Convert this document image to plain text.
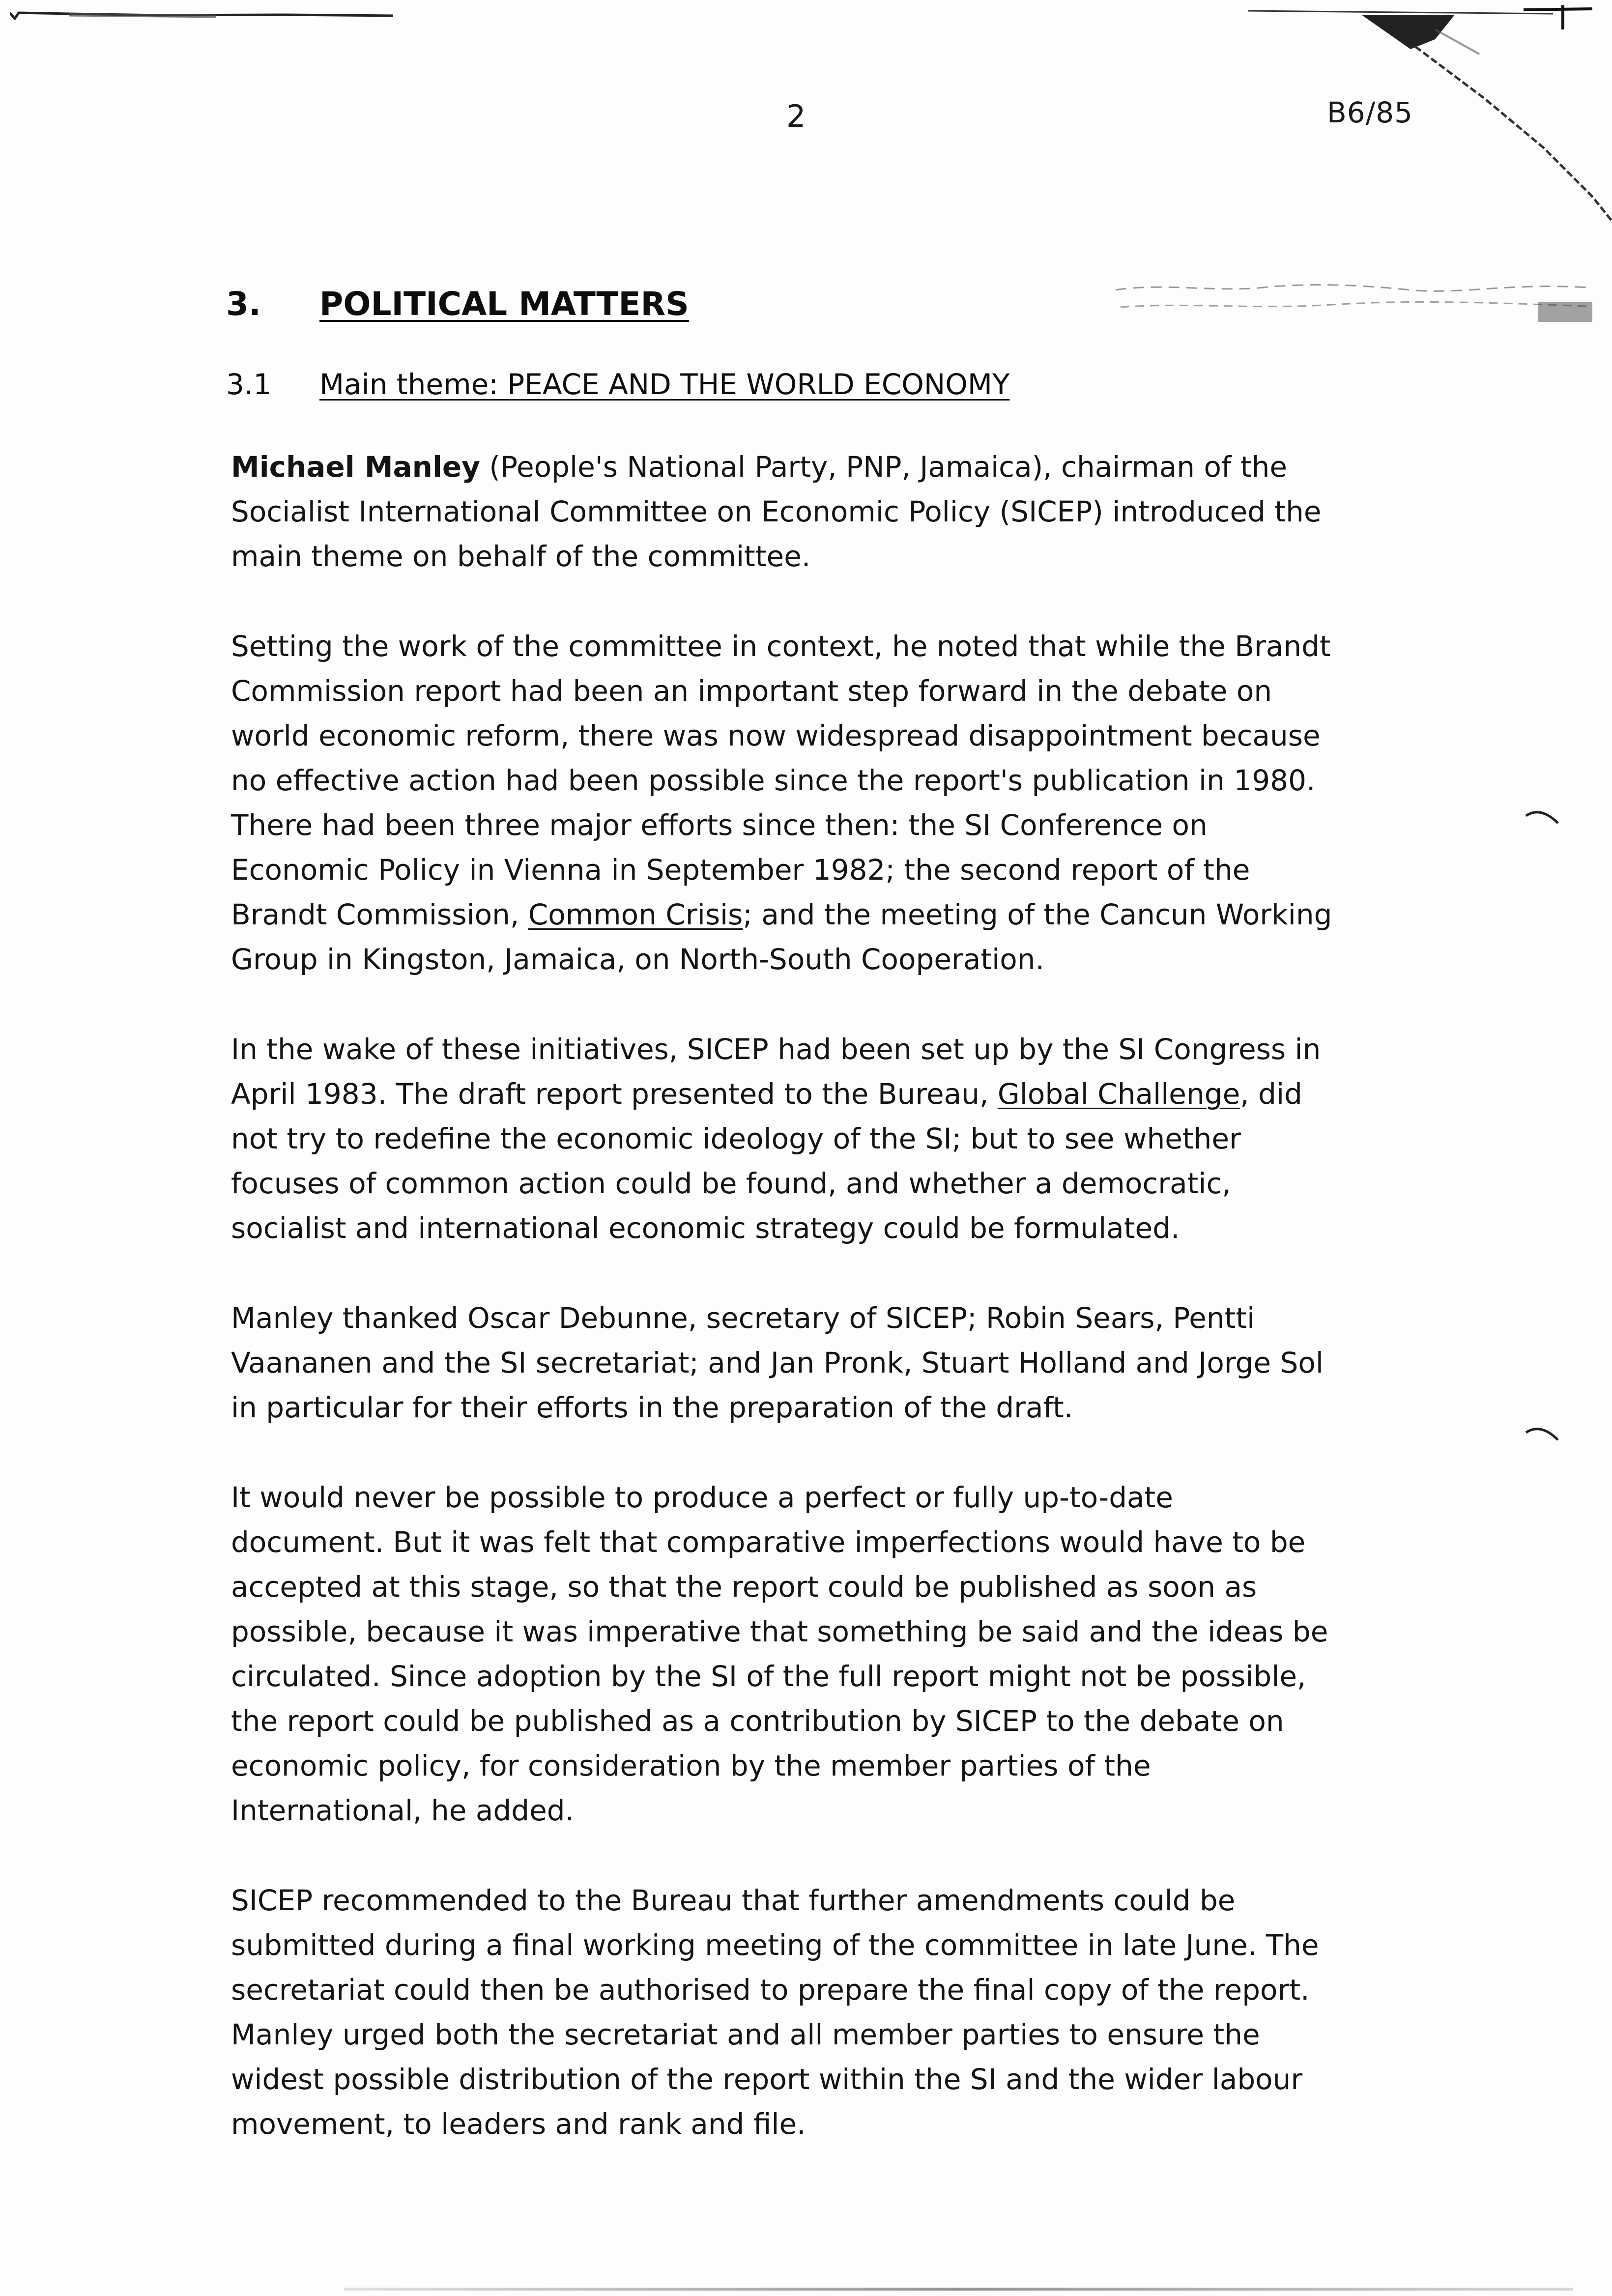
2	B6/85
3. POLITICAL MATTERS
3.1 Main theme: PEACE AND THE WORLD ECONOMY
Michael Manley (People's National Party, PNP, Jamaica), chairman of the
Socialist International Committee on Economic Policy (SICEP) introduced the
main theme on behalf of the committee.
Setting the work of the committee in context, he noted that while the Brandt
Commission report had been an important step forward in the debate on
world economic reform, there was now widespread disappointment because
no effective action had been possible since the report's publication in 1980.
There had been three major efforts since then: the SI Conference on
Economic Policy in Vienna in September 1982; the second report of the
Brandt Commission, Common Crisis; and the meeting of the Cancun Working
Group in Kingston, Jamaica, on North-South Cooperation.
In the wake of these initiatives, SICEP had been set up by the SI Congress in
April 1983. The draft report presented to the Bureau, Global Challenge, did
not try to redefine the economic ideology of the SI; but to see whether
focuses of common action could be found, and whether a democratic,
socialist and international economic strategy could be formulated.
Manley thanked Oscar Debunne, secretary of SICEP; Robin Sears, Pentti
Vaananen and the SI secretariat; and Jan Pronk, Stuart Holland and Jorge Sol
in particular for their efforts in the preparation of the draft.
It would never be possible to produce a perfect or fully up-to-date
document. But it was felt that comparative imperfections would have to be
accepted at this stage, so that the report could be published as soon as
possible, because it was imperative that something be said and the ideas be
circulated. Since adoption by the SI of the full report might not be possible,
the report could be published as a contribution by SICEP to the debate on
economic policy, for consideration by the member parties of the
International, he added.
SICEP recommended to the Bureau that further amendments could be
submitted during a final working meeting of the committee in late June. The
secretariat could then be authorised to prepare the final copy of the report.
Manley urged both the secretariat and all member parties to ensure the
widest possible distribution of the report within the SI and the wider labour
movement, to leaders and rank and file.
